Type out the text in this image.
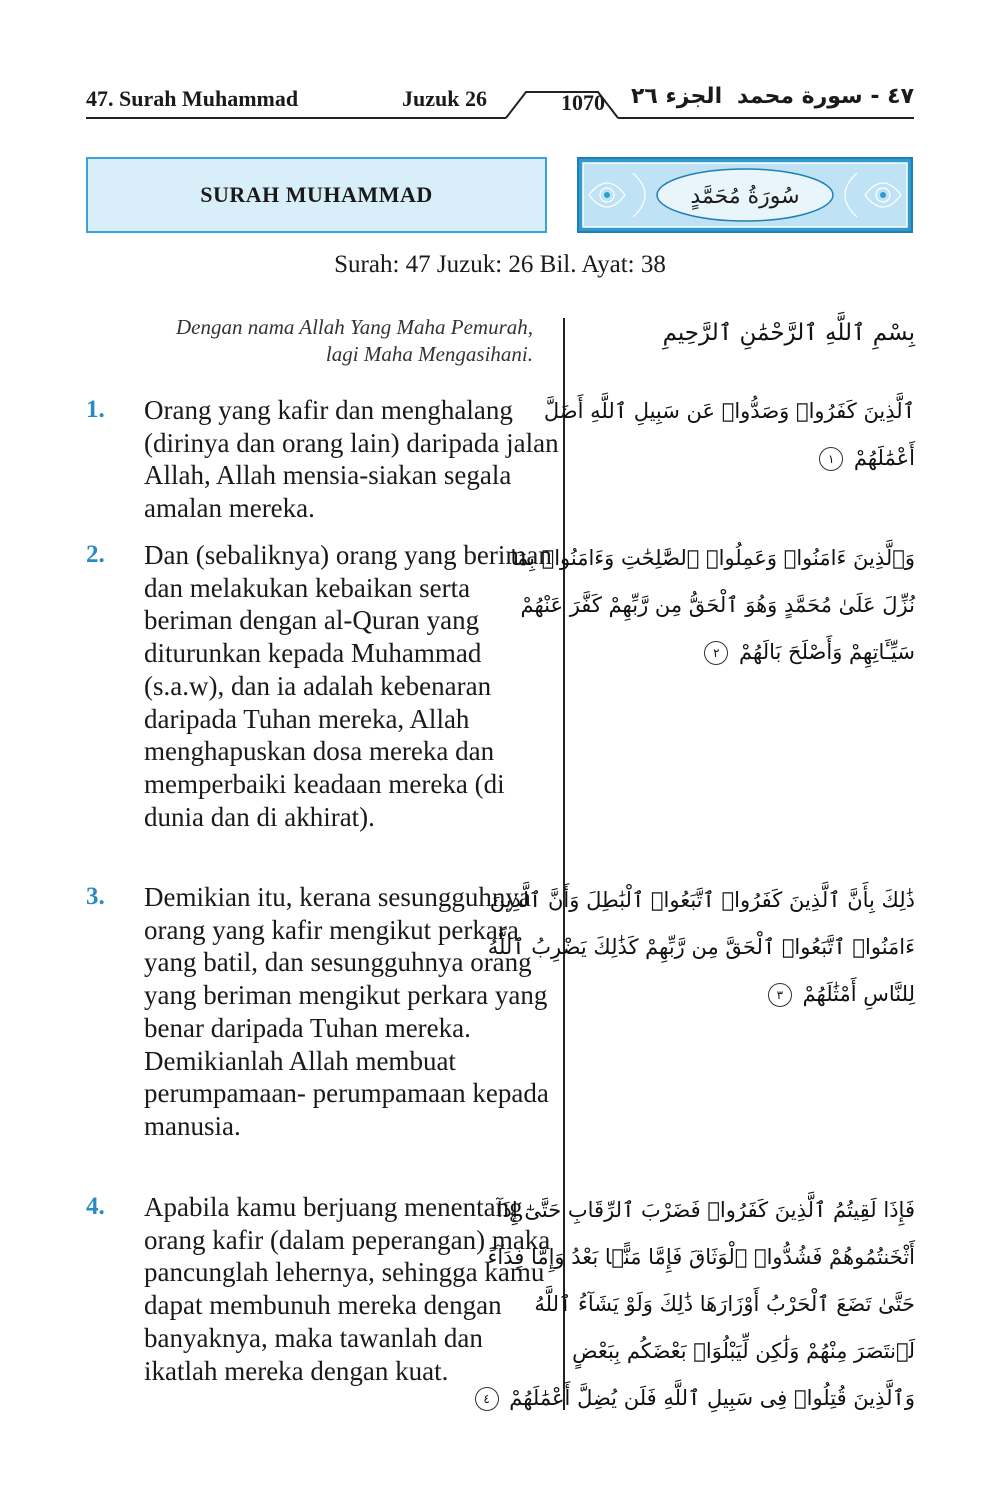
47. Surah Muhammad	Juzuk 26	1070	الجزء ٢٦ ٤٧ - سورة محمد
SURAH MUHAMMAD	سُورَةُ مُحَمَّدٍ
Surah: 47 Juzuk: 26 Bil. Ayat: 38
Dengan nama Allah Yang Maha Pemurah,
lagi Maha Mengasihani.
بِسْمِ ٱللَّهِ ٱلرَّحْمَٰنِ ٱلرَّحِيمِ
1. Orang yang kafir dan menghalang (dirinya dan orang lain) daripada jalan Allah, Allah mensia-siakan segala amalan mereka.
ٱلَّذِينَ كَفَرُوا۟ وَصَدُّوا۟ عَن سَبِيلِ ٱللَّهِ أَضَلَّ
أَعْمَٰلَهُمْ ١
2. Dan (sebaliknya) orang yang beriman dan melakukan kebaikan serta beriman dengan al-Quran yang diturunkan kepada Muhammad (s.a.w), dan ia adalah kebenaran daripada Tuhan mereka, Allah menghapuskan dosa mereka dan memperbaiki keadaan mereka (di dunia dan di akhirat).
وَٱلَّذِينَ ءَامَنُوا۟ وَعَمِلُوا۟ ٱلصَّٰلِحَٰتِ وَءَامَنُوا۟ بِمَا
نُزِّلَ عَلَىٰ مُحَمَّدٍ وَهُوَ ٱلْحَقُّ مِن رَّبِّهِمْ كَفَّرَ عَنْهُمْ
سَيِّـَٔاتِهِمْ وَأَصْلَحَ بَالَهُمْ ٢
3. Demikian itu, kerana sesungguhnya orang yang kafir mengikut perkara yang batil, dan sesungguhnya orang yang beriman mengikut perkara yang benar daripada Tuhan mereka. Demikianlah Allah membuat perumpamaan- perumpamaan kepada manusia.
ذَٰلِكَ بِأَنَّ ٱلَّذِينَ كَفَرُوا۟ ٱتَّبَعُوا۟ ٱلْبَٰطِلَ وَأَنَّ ٱلَّذِينَ
ءَامَنُوا۟ ٱتَّبَعُوا۟ ٱلْحَقَّ مِن رَّبِّهِمْ كَذَٰلِكَ يَضْرِبُ ٱللَّهُ
لِلنَّاسِ أَمْثَٰلَهُمْ ٣
4. Apabila kamu berjuang menentang orang kafir (dalam peperangan) maka pancunglah lehernya, sehingga kamu dapat membunuh mereka dengan banyaknya, maka tawanlah dan ikatlah mereka dengan kuat.
فَإِذَا لَقِيتُمُ ٱلَّذِينَ كَفَرُوا۟ فَضَرْبَ ٱلرِّقَابِ حَتَّىٰٓ إِذَآ
أَثْخَنتُمُوهُمْ فَشُدُّوا۟ ٱلْوَثَاقَ فَإِمَّا مَنًّۢا بَعْدُ وَإِمَّا فِدَآءً
حَتَّىٰ تَضَعَ ٱلْحَرْبُ أَوْزَارَهَا ذَٰلِكَ وَلَوْ يَشَآءُ ٱللَّهُ
لَٱنتَصَرَ مِنْهُمْ وَلَٰكِن لِّيَبْلُوَا۟ بَعْضَكُم بِبَعْضٍ
وَٱلَّذِينَ قُتِلُوا۟ فِى سَبِيلِ ٱللَّهِ فَلَن يُضِلَّ أَعْمَٰلَهُمْ ٤
